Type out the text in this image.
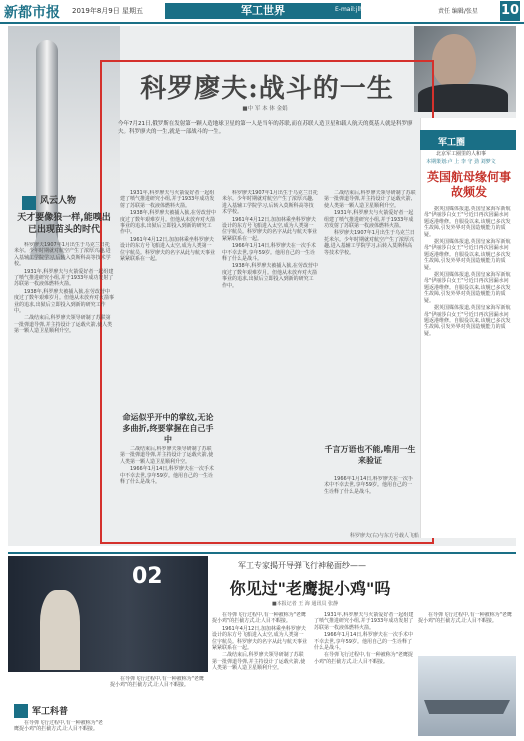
新都市报 2019年8月9日 星期五	军工世界	E-mail:jlhgfjy@163.com	责任 编辑/张星 10
科罗廖夫:战斗的一生
■中 军 本 体 金娟
今年7月21日,俄罗斯在发射第一颗人造地球卫星的第一人是当年的苏联,而在苏联人造卫星和载人航天的奠基人就是科罗廖夫。科罗廖夫的一生,就是一部战斗的一生。
风云人物
天才要像狼一样,能嗅出已出现苗头的时代

科罗廖夫1907年1月出生于乌克兰日托米尔。少年时期就对航空产生了浓厚兴趣,进入基辅工学院学习,后转入莫斯科高等技术学校。

1931年,科罗廖夫与火箭爱好者一起组建了喷气推进研究小组,并于1933年成功发射了苏联第一枚液体燃料火箭。

1938年,科罗廖夫被捕入狱,在劳改营中度过了数年艰难岁月。但他从未放弃对火箭事业的追求,出狱后立即投入到新的研究工作中。

二战结束后,科罗廖夫领导研制了苏联第一批弹道导弹,并主持设计了运载火箭,使人类第一颗人造卫星顺利升空。

1931年,科罗廖夫与火箭爱好者一起组建了喷气推进研究小组,并于1933年成功发射了苏联第一枚液体燃料火箭。

1938年,科罗廖夫被捕入狱,在劳改营中度过了数年艰难岁月。但他从未放弃对火箭事业的追求,出狱后立即投入到新的研究工作中。

1961年4月12日,加加林乘坐科罗廖夫设计的东方号飞船进入太空,成为人类第一位宇航员。科罗廖夫的名字从此与航天事业紧紧联系在一起。

命运似乎开中的掌纹,无论多曲折,终要掌握在自己手中

二战结束后,科罗廖夫领导研制了苏联第一批弹道导弹,并主持设计了运载火箭,使人类第一颗人造卫星顺利升空。

1966年1月14日,科罗廖夫在一次手术中不幸去世,享年59岁。他用自己的一生诠释了什么是战斗。

科罗廖夫1907年1月出生于乌克兰日托米尔。少年时期就对航空产生了浓厚兴趣,进入基辅工学院学习,后转入莫斯科高等技术学校。

1961年4月12日,加加林乘坐科罗廖夫设计的东方号飞船进入太空,成为人类第一位宇航员。科罗廖夫的名字从此与航天事业紧紧联系在一起。

1966年1月14日,科罗廖夫在一次手术中不幸去世,享年59岁。他用自己的一生诠释了什么是战斗。

1938年,科罗廖夫被捕入狱,在劳改营中度过了数年艰难岁月。但他从未放弃对火箭事业的追求,出狱后立即投入到新的研究工作中。

二战结束后,科罗廖夫领导研制了苏联第一批弹道导弹,并主持设计了运载火箭,使人类第一颗人造卫星顺利升空。

1931年,科罗廖夫与火箭爱好者一起组建了喷气推进研究小组,并于1933年成功发射了苏联第一枚液体燃料火箭。

科罗廖夫1907年1月出生于乌克兰日托米尔。少年时期就对航空产生了浓厚兴趣,进入基辅工学院学习,后转入莫斯科高等技术学校。

千言万语也不能,唯用一生来验证

1966年1月14日,科罗廖夫在一次手术中不幸去世,享年59岁。他用自己的一生诠释了什么是战斗。

科罗廖夫(右)与东方号载人飞船
军工圈
北京军工圈里的人和事
本期策划:卢 上 李 守 劲 刘梦文
英国航母缘何事故频发

据英国媒体报道,英国皇家海军新航母"伊丽莎白女王"号近日再次因漏水问题返港维修。自服役以来,该舰已多次发生故障,引发外界对英国造舰能力的质疑。

据英国媒体报道,英国皇家海军新航母"伊丽莎白女王"号近日再次因漏水问题返港维修。自服役以来,该舰已多次发生故障,引发外界对英国造舰能力的质疑。

据英国媒体报道,英国皇家海军新航母"伊丽莎白女王"号近日再次因漏水问题返港维修。自服役以来,该舰已多次发生故障,引发外界对英国造舰能力的质疑。

据英国媒体报道,英国皇家海军新航母"伊丽莎白女王"号近日再次因漏水问题返港维修。自服役以来,该舰已多次发生故障,引发外界对英国造舰能力的质疑。

02	军工专家揭开导弹飞行神秘面纱——
你见过"老鹰捉小鸡"吗
■本报记者 王 海 通讯员 张静
军工科普

在导弹飞行过程中,有一种被称为"老鹰捉小鸡"的拦截方式,让人目不暇接。

在导弹飞行过程中,有一种被称为"老鹰捉小鸡"的拦截方式,让人目不暇接。

在导弹飞行过程中,有一种被称为"老鹰捉小鸡"的拦截方式,让人目不暇接。

1961年4月12日,加加林乘坐科罗廖夫设计的东方号飞船进入太空,成为人类第一位宇航员。科罗廖夫的名字从此与航天事业紧紧联系在一起。

二战结束后,科罗廖夫领导研制了苏联第一批弹道导弹,并主持设计了运载火箭,使人类第一颗人造卫星顺利升空。

1931年,科罗廖夫与火箭爱好者一起组建了喷气推进研究小组,并于1933年成功发射了苏联第一枚液体燃料火箭。

1966年1月14日,科罗廖夫在一次手术中不幸去世,享年59岁。他用自己的一生诠释了什么是战斗。

在导弹飞行过程中,有一种被称为"老鹰捉小鸡"的拦截方式,让人目不暇接。

在导弹飞行过程中,有一种被称为"老鹰捉小鸡"的拦截方式,让人目不暇接。
